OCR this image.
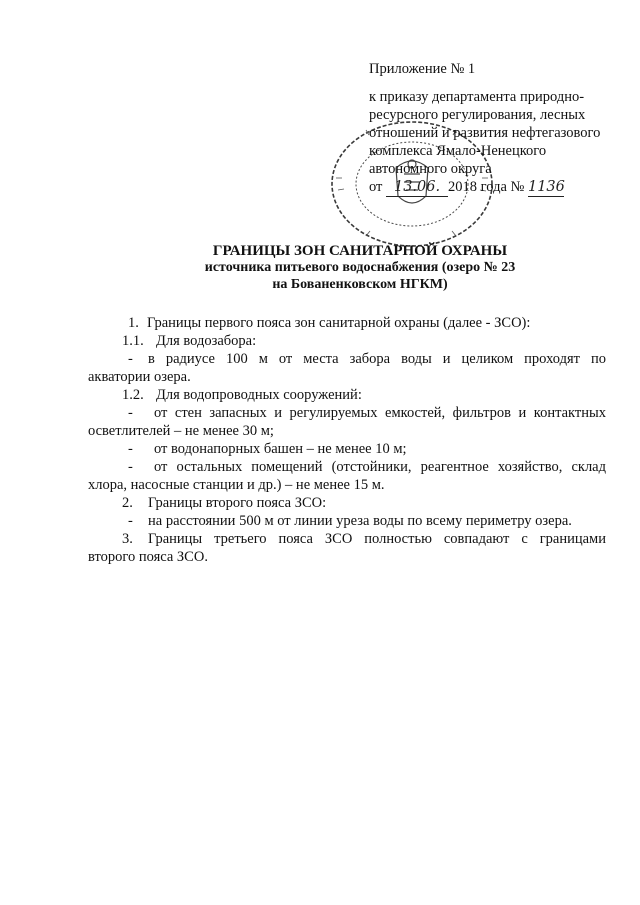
Приложение № 1
к приказу департамента природно-
ресурсного регулирования, лесных
отношений и развития нефтегазового
комплекса Ямало-Ненецкого
автономного округа
от 13.06. 2018 года № 1136
ГРАНИЦЫ ЗОН САНИТАРНОЙ ОХРАНЫ
источника питьевого водоснабжения (озеро № 23
на Бованенковском НГКМ)
1. Границы первого пояса зон санитарной охраны (далее - ЗСО):
1.1. Для водозабора:
- в радиусе 100 м от места забора воды и целиком проходят по
акватории озера.
1.2. Для водопроводных сооружений:
- от стен запасных и регулируемых емкостей, фильтров и контактных
осветлителей – не менее 30 м;
- от водонапорных башен – не менее 10 м;
- от остальных помещений (отстойники, реагентное хозяйство, склад
хлора, насосные станции и др.) – не менее 15 м.
2. Границы второго пояса ЗСО:
- на расстоянии 500 м от линии уреза воды по всему периметру озера.
3. Границы третьего пояса ЗСО полностью совпадают с границами
второго пояса ЗСО.
